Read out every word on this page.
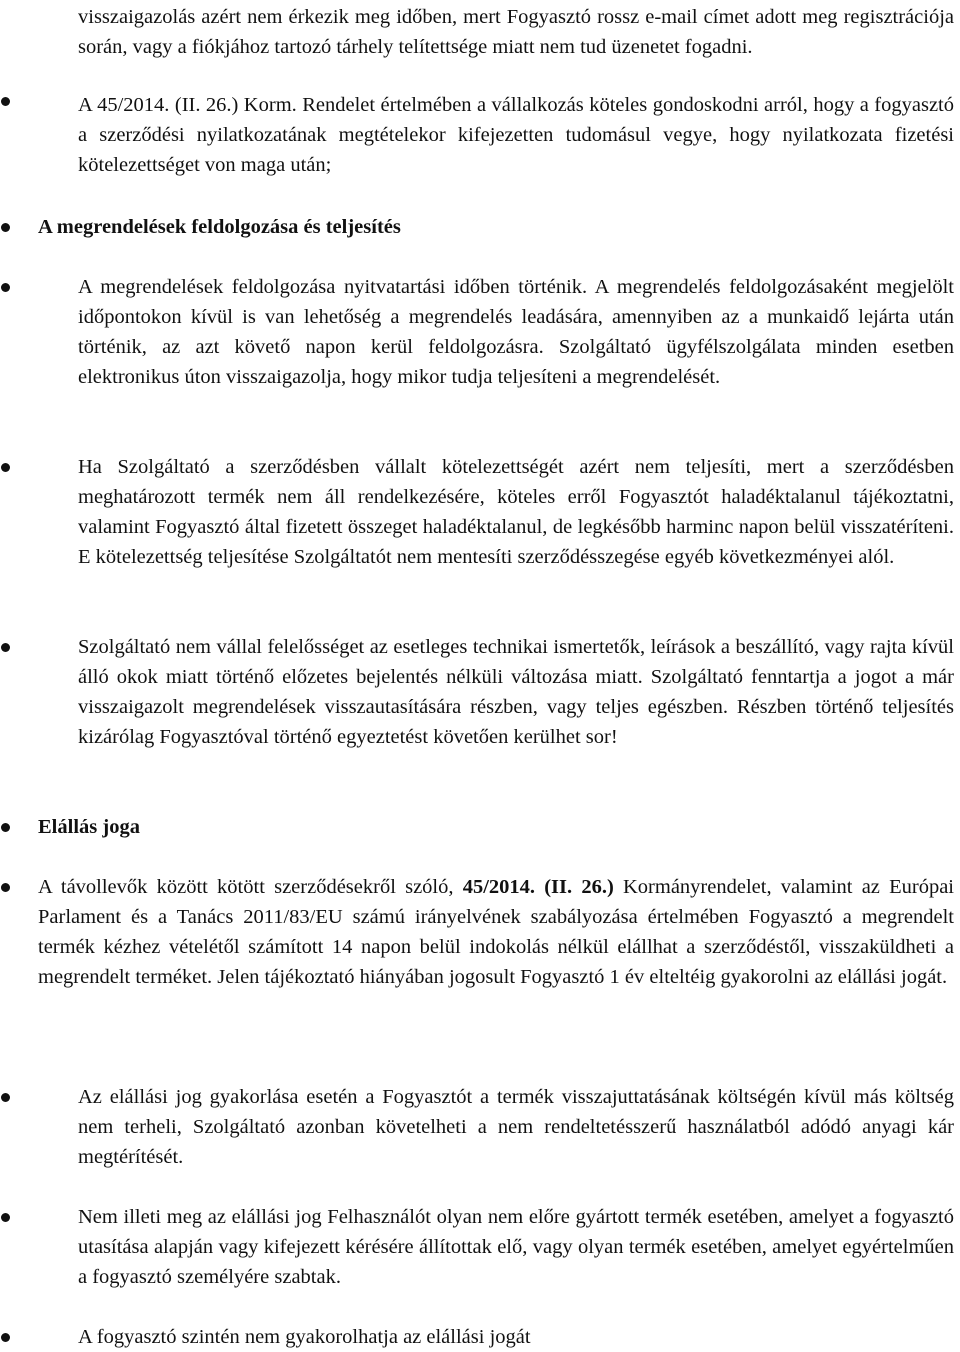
visszaigazolás azért nem érkezik meg időben, mert Fogyasztó rossz e-mail címet adott meg regisztrációja során, vagy a fiókjához tartozó tárhely telítettsége miatt nem tud üzenetet fogadni.

A 45/2014. (II. 26.) Korm. Rendelet értelmében a vállalkozás köteles gondoskodni arról, hogy a fogyasztó a szerződési nyilatkozatának megtételekor kifejezetten tudomásul vegye, hogy nyilatkozata fizetési kötelezettséget von maga után;

A megrendelések feldolgozása és teljesítés

A megrendelések feldolgozása nyitvatartási időben történik. A megrendelés feldolgozásaként megjelölt időpontokon kívül is van lehetőség a megrendelés leadására, amennyiben az a munkaidő lejárta után történik, az azt követő napon kerül feldolgozásra. Szolgáltató ügyfélszolgálata minden esetben elektronikus úton visszaigazolja, hogy mikor tudja teljesíteni a megrendelését.

Ha Szolgáltató a szerződésben vállalt kötelezettségét azért nem teljesíti, mert a szerződésben meghatározott termék nem áll rendelkezésére, köteles erről Fogyasztót haladéktalanul tájékoztatni, valamint Fogyasztó által fizetett összeget haladéktalanul, de legkésőbb harminc napon belül visszatéríteni. E kötelezettség teljesítése Szolgáltatót nem mentesíti szerződésszegése egyéb következményei alól.

Szolgáltató nem vállal felelősséget az esetleges technikai ismertetők, leírások a beszállító, vagy rajta kívül álló okok miatt történő előzetes bejelentés nélküli változása miatt. Szolgáltató fenntartja a jogot a már visszaigazolt megrendelések visszautasítására részben, vagy teljes egészben. Részben történő teljesítés kizárólag Fogyasztóval történő egyeztetést követően kerülhet sor!

Elállás joga

A távollevők között kötött szerződésekről szóló, 45/2014. (II. 26.) Kormányrendelet, valamint az Európai Parlament és a Tanács 2011/83/EU számú irányelvének szabályozása értelmében Fogyasztó a megrendelt termék kézhez vételétől számított 14 napon belül indokolás nélkül elállhat a szerződéstől, visszaküldheti a megrendelt terméket. Jelen tájékoztató hiányában jogosult Fogyasztó 1 év elteltéig gyakorolni az elállási jogát.

Az elállási jog gyakorlása esetén a Fogyasztót a termék visszajuttatásának költségén kívül más költség nem terheli, Szolgáltató azonban követelheti a nem rendeltetésszerű használatból adódó anyagi kár megtérítését.

Nem illeti meg az elállási jog Felhasználót olyan nem előre gyártott termék esetében, amelyet a fogyasztó utasítása alapján vagy kifejezett kérésére állítottak elő, vagy olyan termék esetében, amelyet egyértelműen a fogyasztó személyére szabtak.

A fogyasztó szintén nem gyakorolhatja az elállási jogát
